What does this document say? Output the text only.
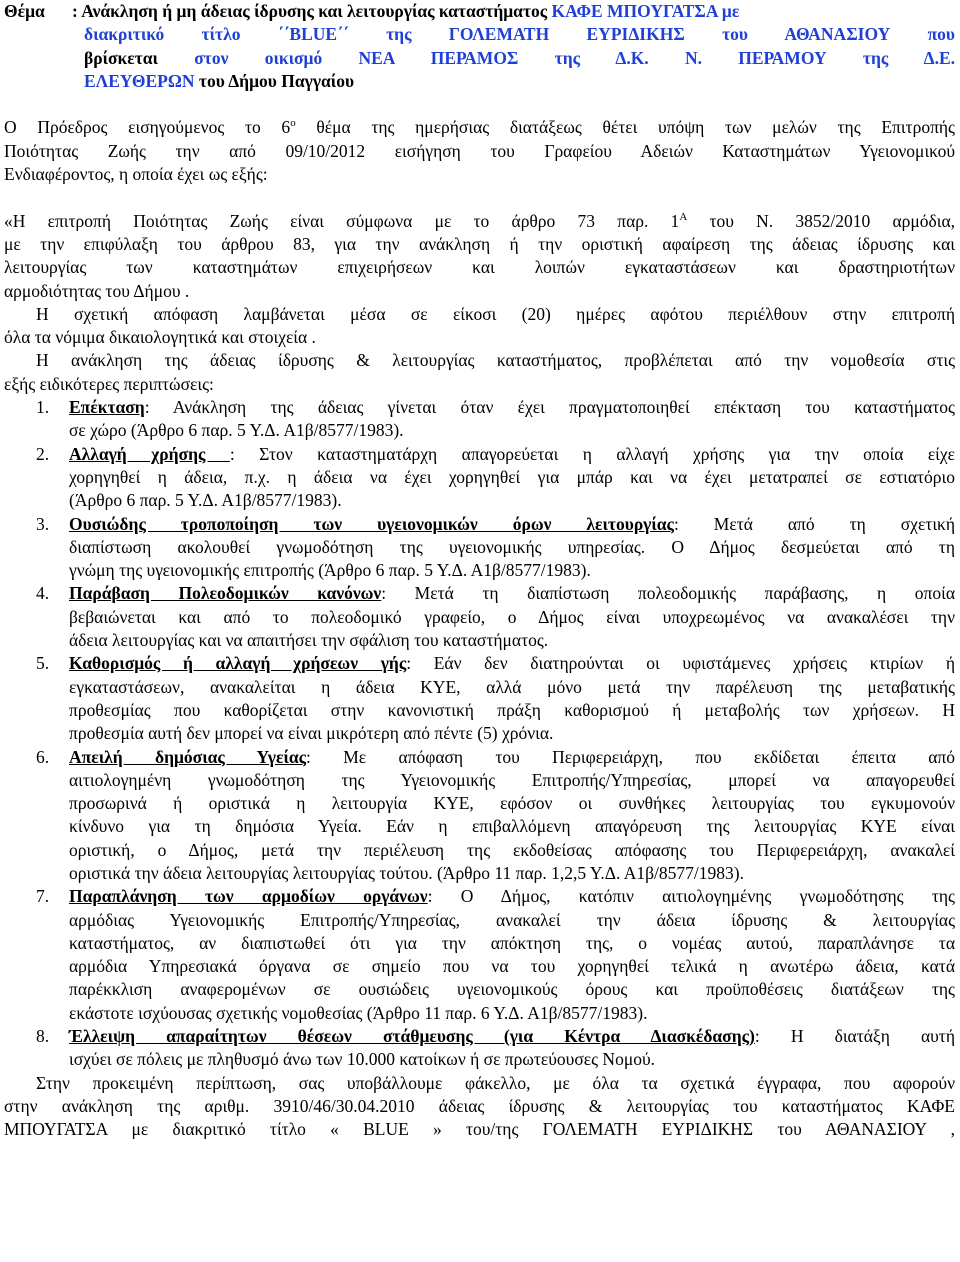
Θέμα	: Ανάκληση ή μη άδειας ίδρυσης και λειτουργίας καταστήματος ΚΑΦΕ ΜΠΟΥΓΑΤΣΑ με
διακριτικό τίτλο ΄΄BLUE΄΄ της ΓΟΛΕΜΑΤΗ ΕΥΡΙΔΙΚΗΣ του ΑΘΑΝΑΣΙΟΥ που
βρίσκεται στον οικισμό ΝΕΑ ΠΕΡΑΜΟΣ της Δ.Κ. Ν. ΠΕΡΑΜΟΥ της Δ.Ε.
ΕΛΕΥΘΕΡΩΝ του Δήμου Παγγαίου
Ο Πρόεδρος εισηγούμενος το $6^o$ θέμα της ημερήσιας διατάξεως θέτει υπόψη των μελών της Επιτροπής
Ποιότητας Ζωής την από 09/10/2012 εισήγηση του Γραφείου Αδειών Καταστημάτων Υγειονομικού
Ενδιαφέροντος, η οποία έχει ως εξής:
«Η επιτροπή Ποιότητας Ζωής είναι σύμφωνα με το άρθρο 73 παρ. $1^A$ του Ν. 3852/2010 αρμόδια,
με την επιφύλαξη του άρθρου 83, για την ανάκληση ή την οριστική αφαίρεση της άδειας ίδρυσης και
λειτουργίας των καταστημάτων επιχειρήσεων και λοιπών εγκαταστάσεων και δραστηριοτήτων
αρμοδιότητας του Δήμου .
Η σχετική απόφαση λαμβάνεται μέσα σε είκοσι (20) ημέρες αφότου περιέλθουν στην επιτροπή
όλα τα νόμιμα δικαιολογητικά και στοιχεία .
Η ανάκληση της άδειας ίδρυσης & λειτουργίας καταστήματος, προβλέπεται από την νομοθεσία στις
εξής ειδικότερες περιπτώσεις:
1. Επέκταση: Ανάκληση της άδειας γίνεται όταν έχει πραγματοποιηθεί επέκταση του καταστήματος
σε χώρο (Άρθρο 6 παρ. 5 Υ.Δ. Α1β/8577/1983).
2. Αλλαγή χρήσης : Στον καταστηματάρχη απαγορεύεται η αλλαγή χρήσης για την οποία είχε
χορηγηθεί η άδεια, π.χ. η άδεια να έχει χορηγηθεί για μπάρ και να έχει μετατραπεί σε εστιατόριο
(Άρθρο 6 παρ. 5 Υ.Δ. Α1β/8577/1983).
3. Ουσιώδης τροποποίηση των υγειονομικών όρων λειτουργίας: Μετά από τη σχετική
διαπίστωση ακολουθεί γνωμοδότηση της υγειονομικής υπηρεσίας. Ο Δήμος δεσμεύεται από τη
γνώμη της υγειονομικής επιτροπής (Άρθρο 6 παρ. 5 Υ.Δ. Α1β/8577/1983).
4. Παράβαση Πολεοδομικών κανόνων: Μετά τη διαπίστωση πολεοδομικής παράβασης, η οποία
βεβαιώνεται και από το πολεοδομικό γραφείο, ο Δήμος είναι υποχρεωμένος να ανακαλέσει την
άδεια λειτουργίας και να απαιτήσει την σφάλιση του καταστήματος.
5. Καθορισμός ή αλλαγή χρήσεων γής: Εάν δεν διατηρούνται οι υφιστάμενες χρήσεις κτιρίων ή
εγκαταστάσεων, ανακαλείται η άδεια ΚΥΕ, αλλά μόνο μετά την παρέλευση της μεταβατικής
προθεσμίας που καθορίζεται στην κανονιστική πράξη καθορισμού ή μεταβολής των χρήσεων. Η
προθεσμία αυτή δεν μπορεί να είναι μικρότερη από πέντε (5) χρόνια.
6. Απειλή δημόσιας Υγείας: Με απόφαση του Περιφερειάρχη, που εκδίδεται έπειτα από
αιτιολογημένη γνωμοδότηση της Υγειονομικής Επιτροπής/Υπηρεσίας, μπορεί να απαγορευθεί
προσωρινά ή οριστικά η λειτουργία ΚΥΕ, εφόσον οι συνθήκες λειτουργίας του εγκυμονούν
κίνδυνο για τη δημόσια Υγεία. Εάν η επιβαλλόμενη απαγόρευση της λειτουργίας ΚΥΕ είναι
οριστική, ο Δήμος, μετά την περιέλευση της εκδοθείσας απόφασης του Περιφερειάρχη, ανακαλεί
οριστικά την άδεια λειτουργίας λειτουργίας τούτου. (Άρθρο 11 παρ. 1,2,5 Υ.Δ. Α1β/8577/1983).
7. Παραπλάνηση των αρμοδίων οργάνων: Ο Δήμος, κατόπιν αιτιολογημένης γνωμοδότησης της
αρμόδιας Υγειονομικής Επιτροπής/Υπηρεσίας, ανακαλεί την άδεια ίδρυσης & λειτουργίας
καταστήματος, αν διαπιστωθεί ότι για την απόκτηση της, ο νομέας αυτού, παραπλάνησε τα
αρμόδια Υπηρεσιακά όργανα σε σημείο που να του χορηγηθεί τελικά η ανωτέρω άδεια, κατά
παρέκκλιση αναφερομένων σε ουσιώδεις υγειονομικούς όρους και προϋποθέσεις διατάξεων της
εκάστοτε ισχύουσας σχετικής νομοθεσίας (Άρθρο 11 παρ. 6 Υ.Δ. Α1β/8577/1983).
8. Έλλειψη απαραίτητων θέσεων στάθμευσης (για Κέντρα Διασκέδασης): Η διατάξη αυτή
ισχύει σε πόλεις με πληθυσμό άνω των 10.000 κατοίκων ή σε πρωτεύουσες Νομού.
Στην προκειμένη περίπτωση, σας υποβάλλουμε φάκελλο, με όλα τα σχετικά έγγραφα, που αφορούν
στην ανάκληση της αριθμ. 3910/46/30.04.2010 άδειας ίδρυσης & λειτουργίας του καταστήματος ΚΑΦΕ
ΜΠΟΥΓΑΤΣΑ με διακριτικό τίτλο « BLUE » του/της ΓΟΛΕΜΑΤΗ ΕΥΡΙΔΙΚΗΣ του ΑΘΑΝΑΣΙΟΥ ,
